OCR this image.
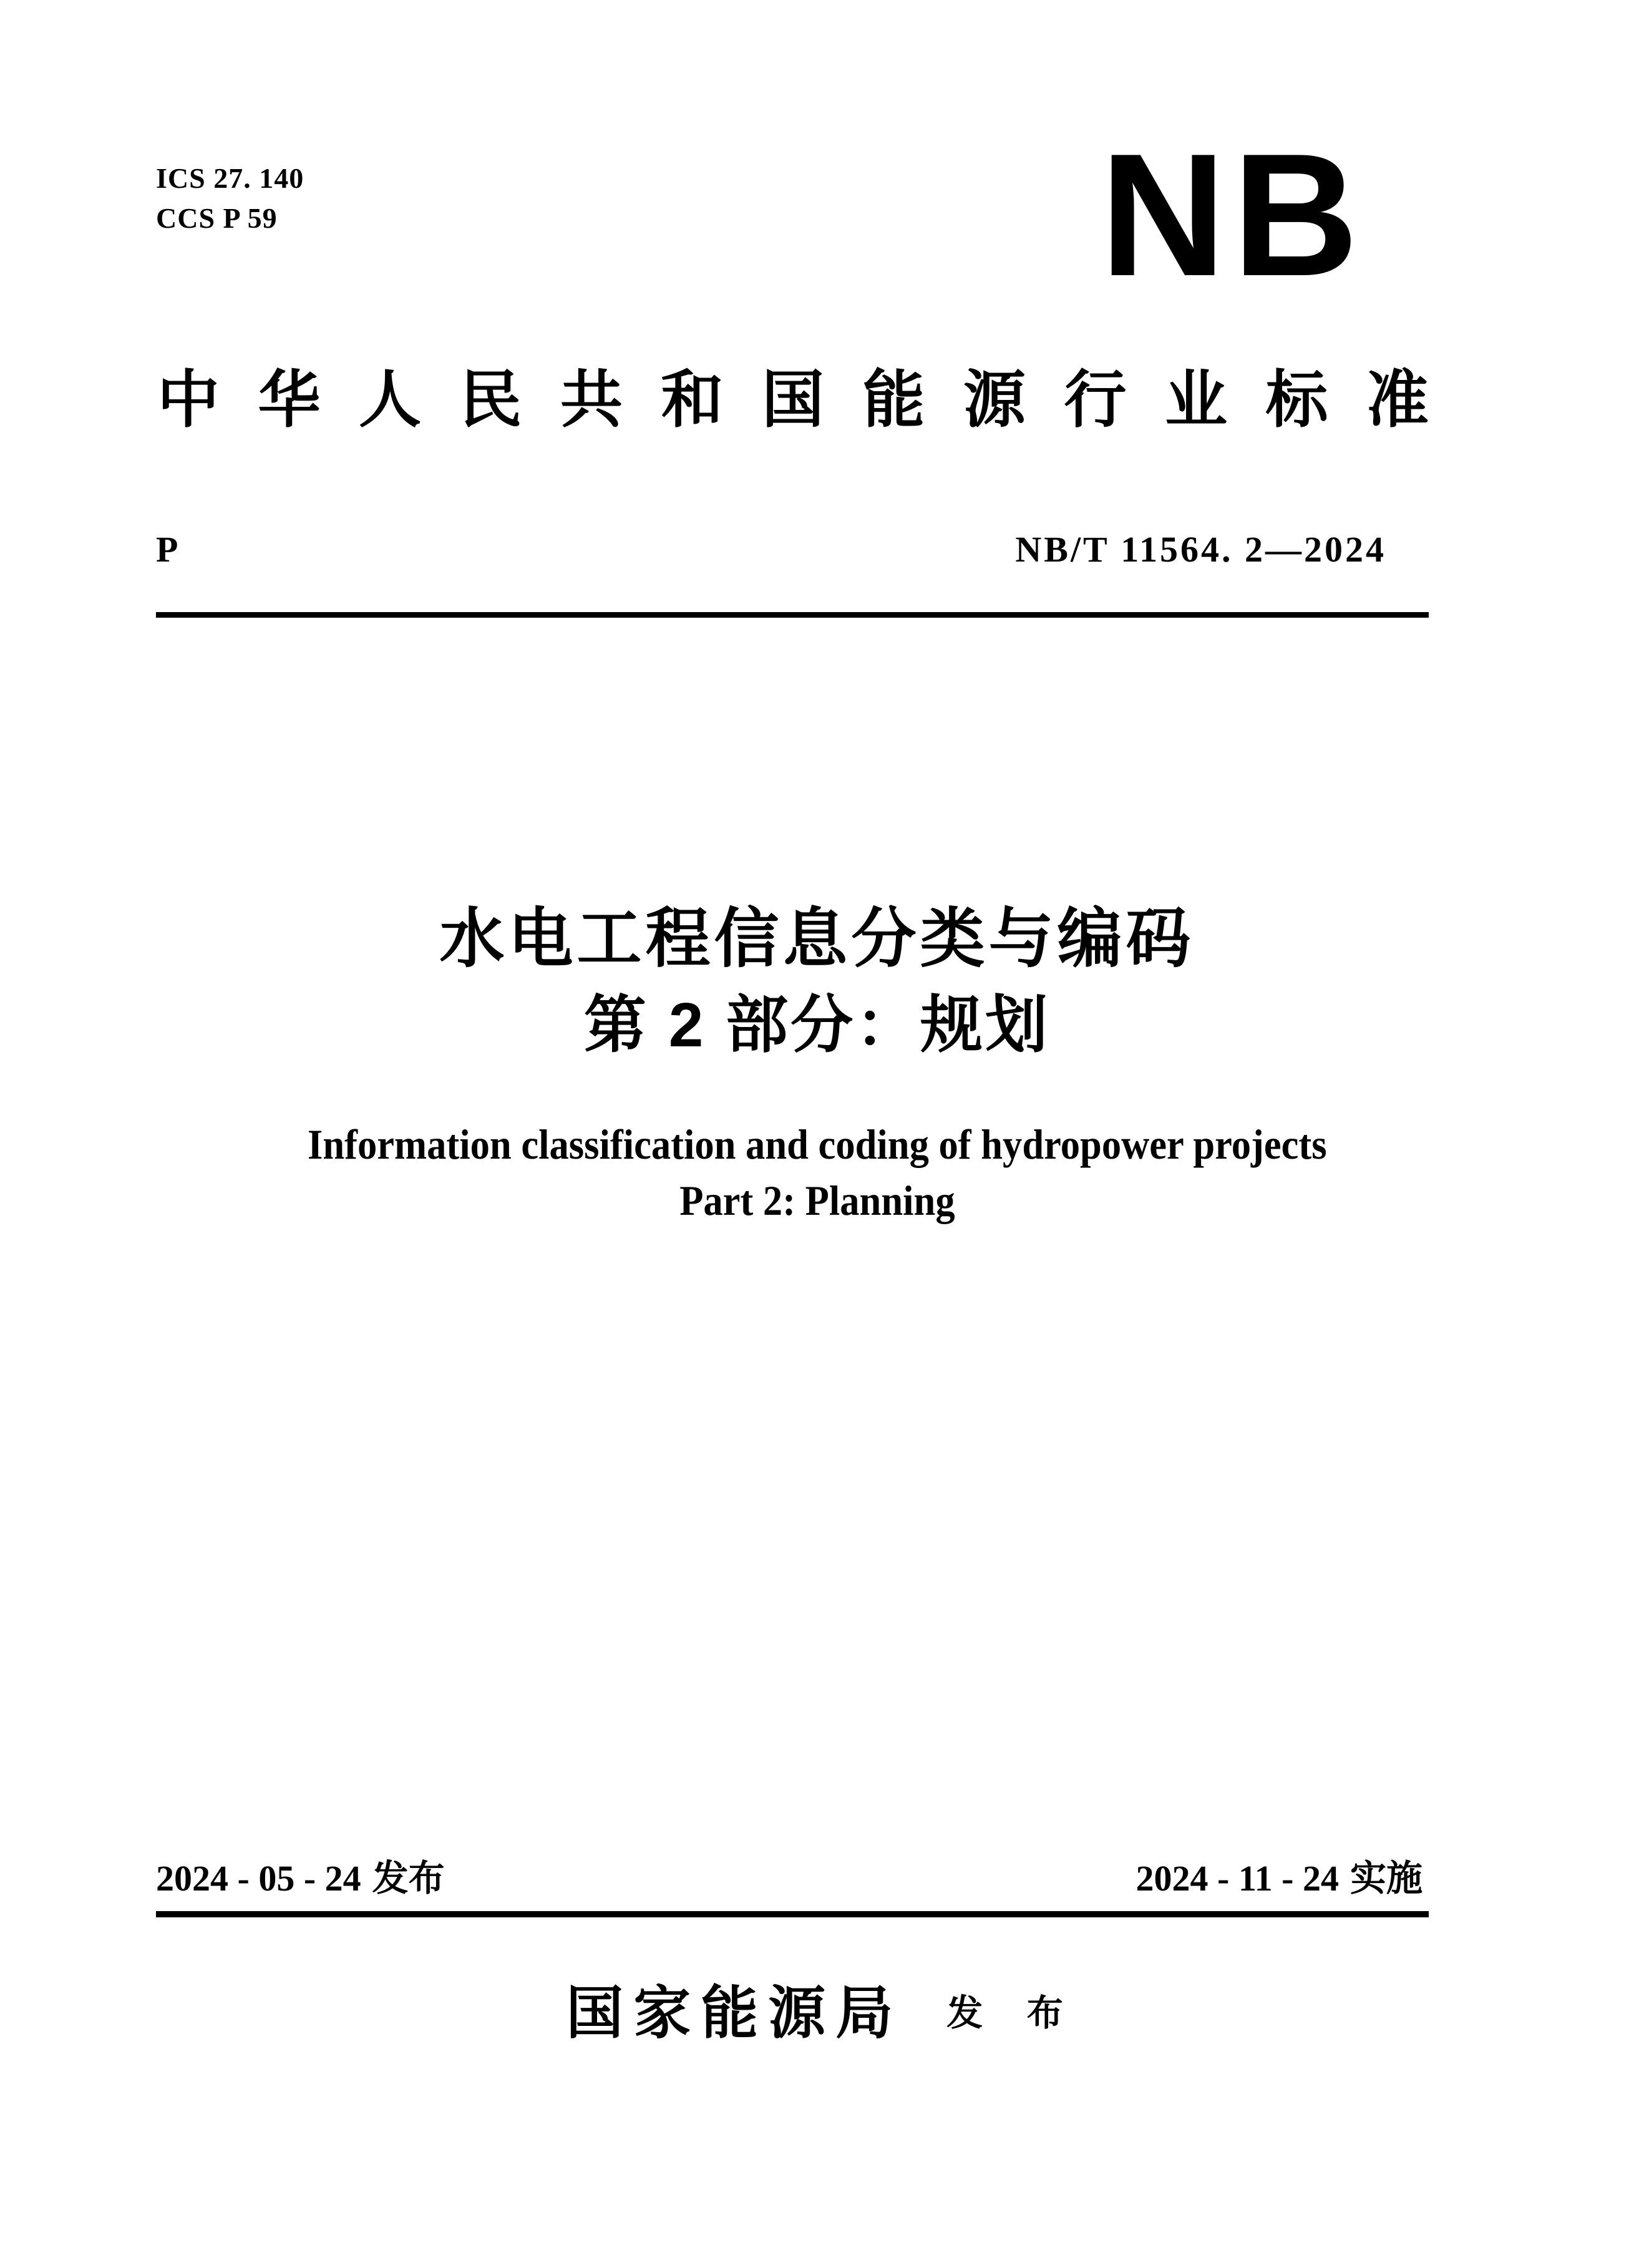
ICS 27. 140
CCS P 59	NB
中 华 人 民 共 和 国 能 源 行 业 标 准
P	NB/T 11564. 2—2024
水电工程信息分类与编码
第 2 部分：规划
Information classification and coding of hydropower projects
Part 2: Planning
2024 - 05 - 24 发布	2024 - 11 - 24 实施
国家能源局 发 布
